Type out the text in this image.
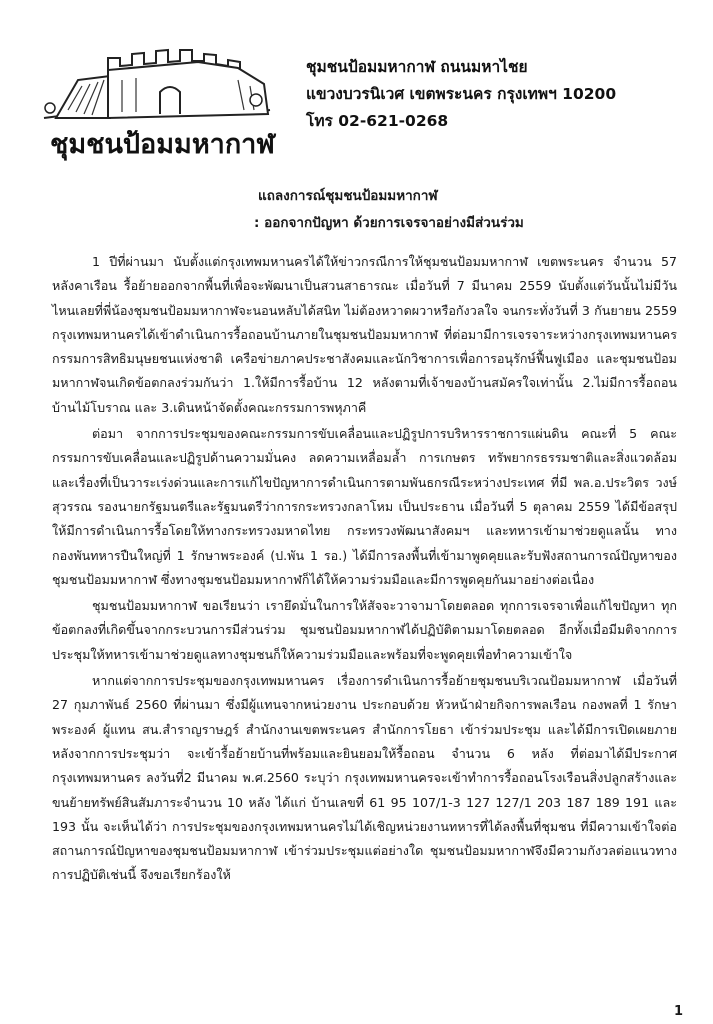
ชุมชนป้อมมหากาฬ
ชุมชนป้อมมหากาฬ ถนนมหาไชย
แขวงบวรนิเวศ เขตพระนคร กรุงเทพฯ 10200
โทร 02-621-0268
แถลงการณ์ชุมชนป้อมมหากาฬ
: ออกจากปัญหา ด้วยการเจรจาอย่างมีส่วนร่วม

1 ปีที่ผ่านมา นับตั้งแต่กรุงเทพมหานครได้ให้ข่าวกรณีการให้ชุมชนป้อมมหากาฬ เขตพระนคร จำนวน 57 หลังคาเรือน รื้อย้ายออกจากพื้นที่เพื่อจะพัฒนาเป็นสวนสาธารณะ เมื่อวันที่ 7 มีนาคม 2559 นับตั้งแต่วันนั้นไม่มีวันไหนเลยที่พี่น้องชุมชนป้อมมหากาฬจะนอนหลับได้สนิท ไม่ต้องหวาดผวาหรือกังวลใจ จนกระทั่งวันที่ 3 กันยายน 2559 กรุงเทพมหานครได้เข้าดำเนินการรื้อถอนบ้านภายในชุมชนป้อมมหากาฬ ที่ต่อมามีการเจรจาระหว่างกรุงเทพมหานคร กรรมการสิทธิมนุษยชนแห่งชาติ เครือข่ายภาคประชาสังคมและนักวิชาการเพื่อการอนุรักษ์ฟื้นฟูเมือง และชุมชนป้อมมหากาฬจนเกิดข้อตกลงร่วมกันว่า 1.ให้มีการรื้อบ้าน 12 หลังตามที่เจ้าของบ้านสมัครใจเท่านั้น 2.ไม่มีการรื้อถอนบ้านไม้โบราณ และ 3.เดินหน้าจัดตั้งคณะกรรมการพหุภาคี

ต่อมา จากการประชุมของคณะกรรมการขับเคลื่อนและปฏิรูปการบริหารราชการแผ่นดิน คณะที่ 5 คณะกรรมการขับเคลื่อนและปฏิรูปด้านความมั่นคง ลดความเหลื่อมล้ำ การเกษตร ทรัพยากรธรรมชาติและสิ่งแวดล้อม และเรื่องที่เป็นวาระเร่งด่วนและการแก้ไขปัญหาการดำเนินการตามพันธกรณีระหว่างประเทศ ที่มี พล.อ.ประวิตร วงษ์สุวรรณ รองนายกรัฐมนตรีและรัฐมนตรีว่าการกระทรวงกลาโหม เป็นประธาน เมื่อวันที่ 5 ตุลาคม 2559 ได้มีข้อสรุปให้มีการดำเนินการรื้อโดยให้ทางกระทรวงมหาดไทย กระทรวงพัฒนาสังคมฯ และทหารเข้ามาช่วยดูแลนั้น ทางกองพันทหารปืนใหญ่ที่ 1 รักษาพระองค์ (ป.พัน 1 รอ.) ได้มีการลงพื้นที่เข้ามาพูดคุยและรับฟังสถานการณ์ปัญหาของชุมชนป้อมมหากาฬ ซึ่งทางชุมชนป้อมมหากาฬก็ได้ให้ความร่วมมือและมีการพูดคุยกันมาอย่างต่อเนื่อง

ชุมชนป้อมมหากาฬ ขอเรียนว่า เรายึดมั่นในการให้สัจจะวาจามาโดยตลอด ทุกการเจรจาเพื่อแก้ไขปัญหา ทุกข้อตกลงที่เกิดขึ้นจากกระบวนการมีส่วนร่วม ชุมชนป้อมมหากาฬได้ปฏิบัติตามมาโดยตลอด อีกทั้งเมื่อมีมติจากการประชุมให้ทหารเข้ามาช่วยดูแลทางชุมชนก็ให้ความร่วมมือและพร้อมที่จะพูดคุยเพื่อทำความเข้าใจ

หากแต่จากการประชุมของกรุงเทพมหานคร เรื่องการดำเนินการรื้อย้ายชุมชนบริเวณป้อมมหากาฬ เมื่อวันที่ 27 กุมภาพันธ์ 2560 ที่ผ่านมา ซึ่งมีผู้แทนจากหน่วยงาน ประกอบด้วย หัวหน้าฝ่ายกิจการพลเรือน กองพลที่ 1 รักษาพระองค์ ผู้แทน สน.สำราญราษฎร์ สำนักงานเขตพระนคร สำนักการโยธา เข้าร่วมประชุม และได้มีการเปิดเผยภายหลังจากการประชุมว่า จะเข้ารื้อย้ายบ้านที่พร้อมและยินยอมให้รื้อถอน จำนวน 6 หลัง ที่ต่อมาได้มีประกาศกรุงเทพมหานคร ลงวันที่2 มีนาคม พ.ศ.2560 ระบุว่า กรุงเทพมหานครจะเข้าทำการรื้อถอนโรงเรือนสิ่งปลูกสร้างและขนย้ายทรัพย์สินสัมภาระจำนวน 10 หลัง ได้แก่ บ้านเลขที่ 61 95 107/1-3 127 127/1 203 187 189 191 และ 193 นั้น จะเห็นได้ว่า การประชุมของกรุงเทพมหานครไม่ได้เชิญหน่วยงานทหารที่ได้ลงพื้นที่ชุมชน ที่มีความเข้าใจต่อสถานการณ์ปัญหาของชุมชนป้อมมหากาฬ เข้าร่วมประชุมแต่อย่างใด ชุมชนป้อมมหากาฬจึงมีความกังวลต่อแนวทางการปฏิบัติเช่นนี้ จึงขอเรียกร้องให้

1
